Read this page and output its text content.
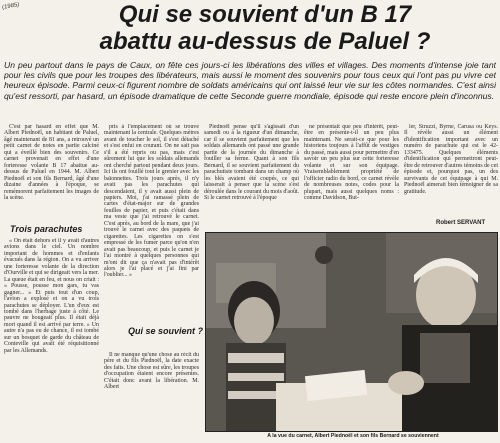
(1985)	Qui se souvient d'un B 17
abattu au-dessus de Paluel ?
Un peu partout dans le pays de Caux, on fête ces jours-ci les libérations des villes et villages. Des moments d'intense joie tant pour les civils que pour les troupes des libérateurs, mais aussi le moment des souvenirs pour tous ceux qui l'ont pas pu vivre cet heureux épisode. Parmi ceux-ci figurent nombre de soldats américains qui ont laissé leur vie sur les côtes normandes. C'est ainsi qu'est ressorti, par hasard, un épisode dramatique de cette Seconde guerre mondiale, épisode qui reste encore plein d'inconnus.

C'est par hasard en effet que M. Albert Piednoël, un habitant de Paluel, âgé maintenant de 81 ans, a retrouvé un petit carnet de notes en partie calciné qui a éveillé bien des souvenirs. Ce carnet provenait en effet d'une forteresse volante B 17 abattue au-dessus de Paluel en 1944. M. Albert Piednoël et son fils Bernard, âgé d'une dizaine d'années à l'époque, se remémorent parfaitement les images de la scène.

Trois parachutes

« On était dehors et il y avait d'autres avions dans le ciel. Un nombre important de hommes et d'enfants évacués dans la région. On a vu arriver une forteresse volante de la direction d'Ourville et qui se dirigeait vers la mer. La queue était en feu, et nous on criait : « Pousse, pousse mon gars, tu vas gagner... » Et puis tout d'un coup, l'avion a explosé et on a vu trois parachutes se déployer. L'un d'eux est tombé dans l'herbage juste à côté. Le pauvre ne bougeait plus. Il était déjà mort quand il est arrivé par terre. » Un autre n'a pas eu de chance, il est tombé sur un bosquet de garde du château de Conteville qui avait été réquisitionné par les Allemands.

pris à l'emplacement où se trouve maintenant la centrale. Quelques mètres avant de toucher le sol, il s'est détaché et s'est enfui en courant. On ne sait pas s'il a été repris ou pas, mais c'est sûrement lui que les soldats allemands ont cherché partout pendant deux jours. Ici ils ont fouillé tout le grenier avec les baïonnettes. Trois jours après, il n'y avait pas les parachutes qui descendaient, il y avait aussi plein de papiers. Moi, j'ai ramassé plein de cartes d'état-major sur de grandes feuilles de papier, et puis c'était dans ma veste que j'ai retrouvé le carnet. C'est après, au bord de la mare, que j'ai trouvé le carnet avec des paquets de cigarettes. Les cigarettes on s'est empressé de les fumer parce qu'on n'en avait pas beaucoup, et puis le carnet je l'ai montré à quelques personnes qui m'ont dit que ça n'avait pas d'intérêt alors je l'ai placé et j'ai fini par l'oublier... »

Qui se souvient ?

Il ne manque qu'une chose au récit du père et du fils Piednoël, la date exacte des faits. Une chose est sûre, les troupes d'occupation étaient encore présentes. C'était donc avant la libération. M. Albert

Piednoël pense qu'il s'agissait d'un samedi ou à la rigueur d'un dimanche, car il se souvient parfaitement que les soldats allemands ont passé une grande partie de la journée du dimanche à fouiller sa ferme. Quant à son fils Bernard, il se souvient parfaitement du parachutiste tombant dans un champ où les blés avaient été coupés, ce qui laisserait à penser que la scène s'est déroulée dans le courant du mois d'août. Si le carnet retrouvé à l'époque

ne présentait que peu d'intérêt, peut-être en présente-t-il un peu plus maintenant. Ne serait-ce que pour les historiens toujours à l'affût de vestiges du passé, mais aussi pour permettre d'en savoir un peu plus sur cette forteresse volante et sur son équipage. Vraisemblablement propriété de l'officier radio du bord, ce carnet révèle de nombreuses notes, codes pour la plupart, mais aussi quelques noms : comme Davidson, But-

ler, Struzzi, Byrne, Carusa ou Keys. Il révèle aussi un élément d'identification important avec un numéro de parachute qui est le 42-133475. Quelques éléments d'identification qui permettront peut-être de retrouver d'autres témoins de cet épisode et, pourquoi pas, un des survivants de cet équipage à qui M. Piednoël aimerait bien témoigner de sa gratitude.

Robert SERVANT
A la vue du carnet, Albert Piednoël et son fils Bernard se souviennent
